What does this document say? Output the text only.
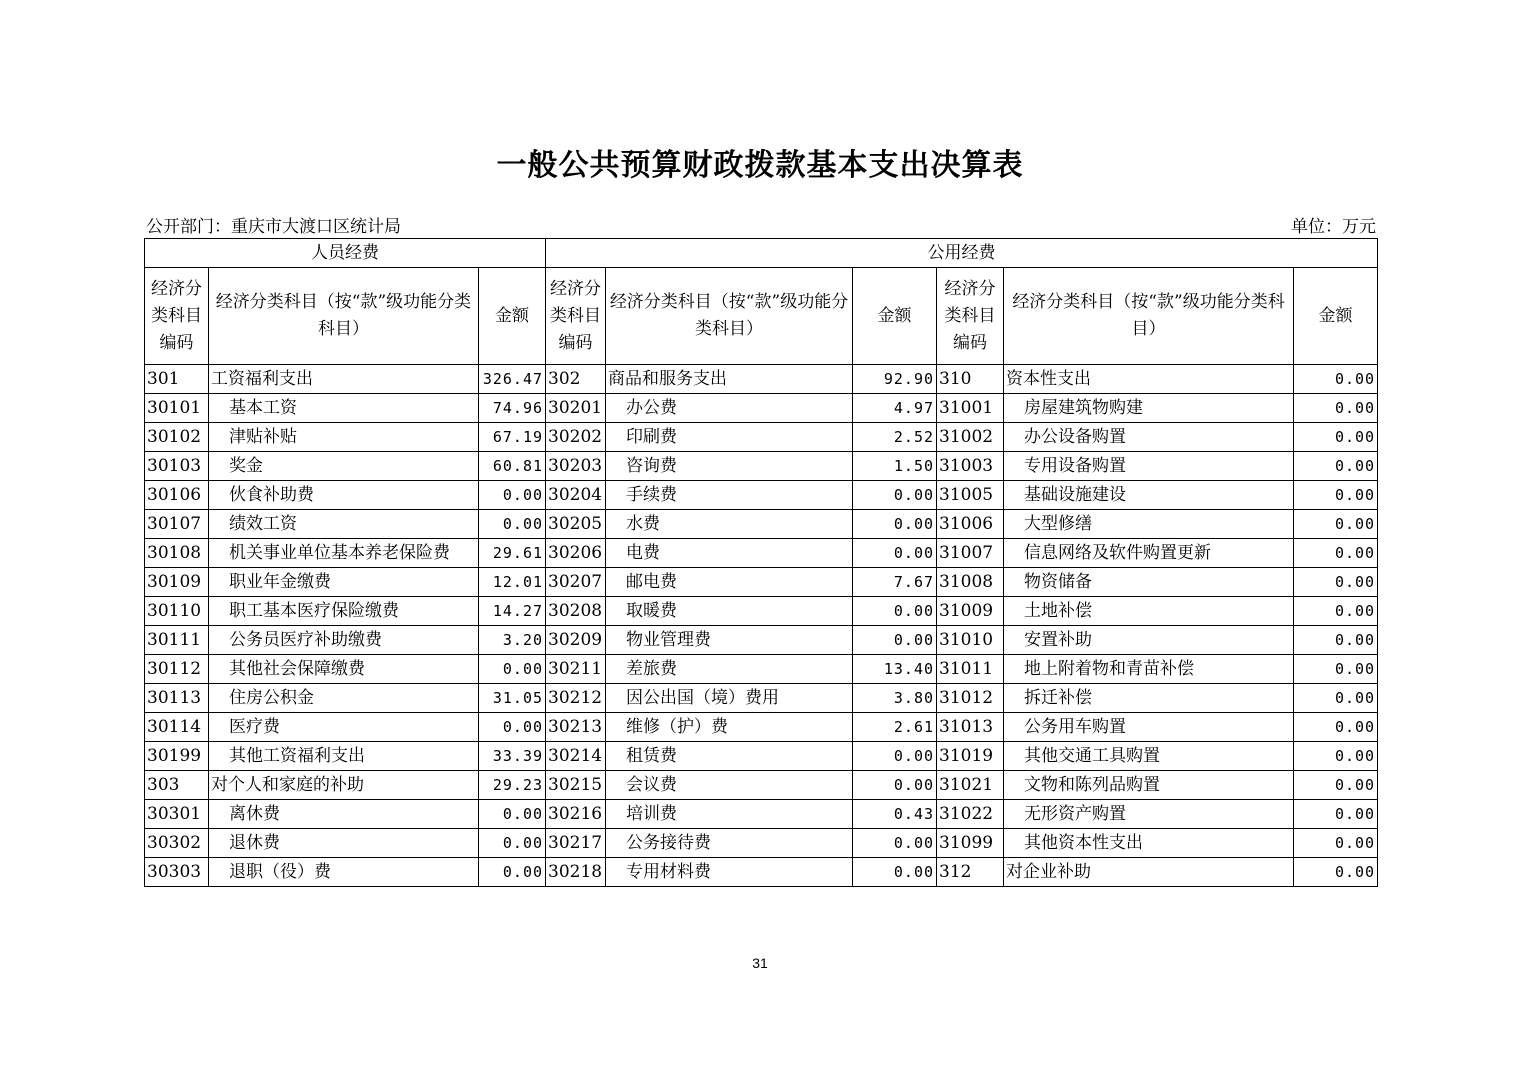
一般公共预算财政拨款基本支出决算表
公开部门：重庆市大渡口区统计局	单位：万元
人员经费			公用经费					
经济分类科目编码	经济分类科目（按“款”级功能分类科目）	金额	经济分类科目编码	经济分类科目（按“款”级功能分类科目）	金额	经济分类科目编码	经济分类科目（按“款”级功能分类科目）	金额
301	工资福利支出	326.47	302	商品和服务支出	92.90	310	资本性支出	0.00
30101	基本工资	74.96	30201	办公费	4.97	31001	房屋建筑物购建	0.00
30102	津贴补贴	67.19	30202	印刷费	2.52	31002	办公设备购置	0.00
30103	奖金	60.81	30203	咨询费	1.50	31003	专用设备购置	0.00
30106	伙食补助费	0.00	30204	手续费	0.00	31005	基础设施建设	0.00
30107	绩效工资	0.00	30205	水费	0.00	31006	大型修缮	0.00
30108	机关事业单位基本养老保险费	29.61	30206	电费	0.00	31007	信息网络及软件购置更新	0.00
30109	职业年金缴费	12.01	30207	邮电费	7.67	31008	物资储备	0.00
30110	职工基本医疗保险缴费	14.27	30208	取暖费	0.00	31009	土地补偿	0.00
30111	公务员医疗补助缴费	3.20	30209	物业管理费	0.00	31010	安置补助	0.00
30112	其他社会保障缴费	0.00	30211	差旅费	13.40	31011	地上附着物和青苗补偿	0.00
30113	住房公积金	31.05	30212	因公出国（境）费用	3.80	31012	拆迁补偿	0.00
30114	医疗费	0.00	30213	维修（护）费	2.61	31013	公务用车购置	0.00
30199	其他工资福利支出	33.39	30214	租赁费	0.00	31019	其他交通工具购置	0.00
303	对个人和家庭的补助	29.23	30215	会议费	0.00	31021	文物和陈列品购置	0.00
30301	离休费	0.00	30216	培训费	0.43	31022	无形资产购置	0.00
30302	退休费	0.00	30217	公务接待费	0.00	31099	其他资本性支出	0.00
30303	退职（役）费	0.00	30218	专用材料费	0.00	312	对企业补助	0.00
31
